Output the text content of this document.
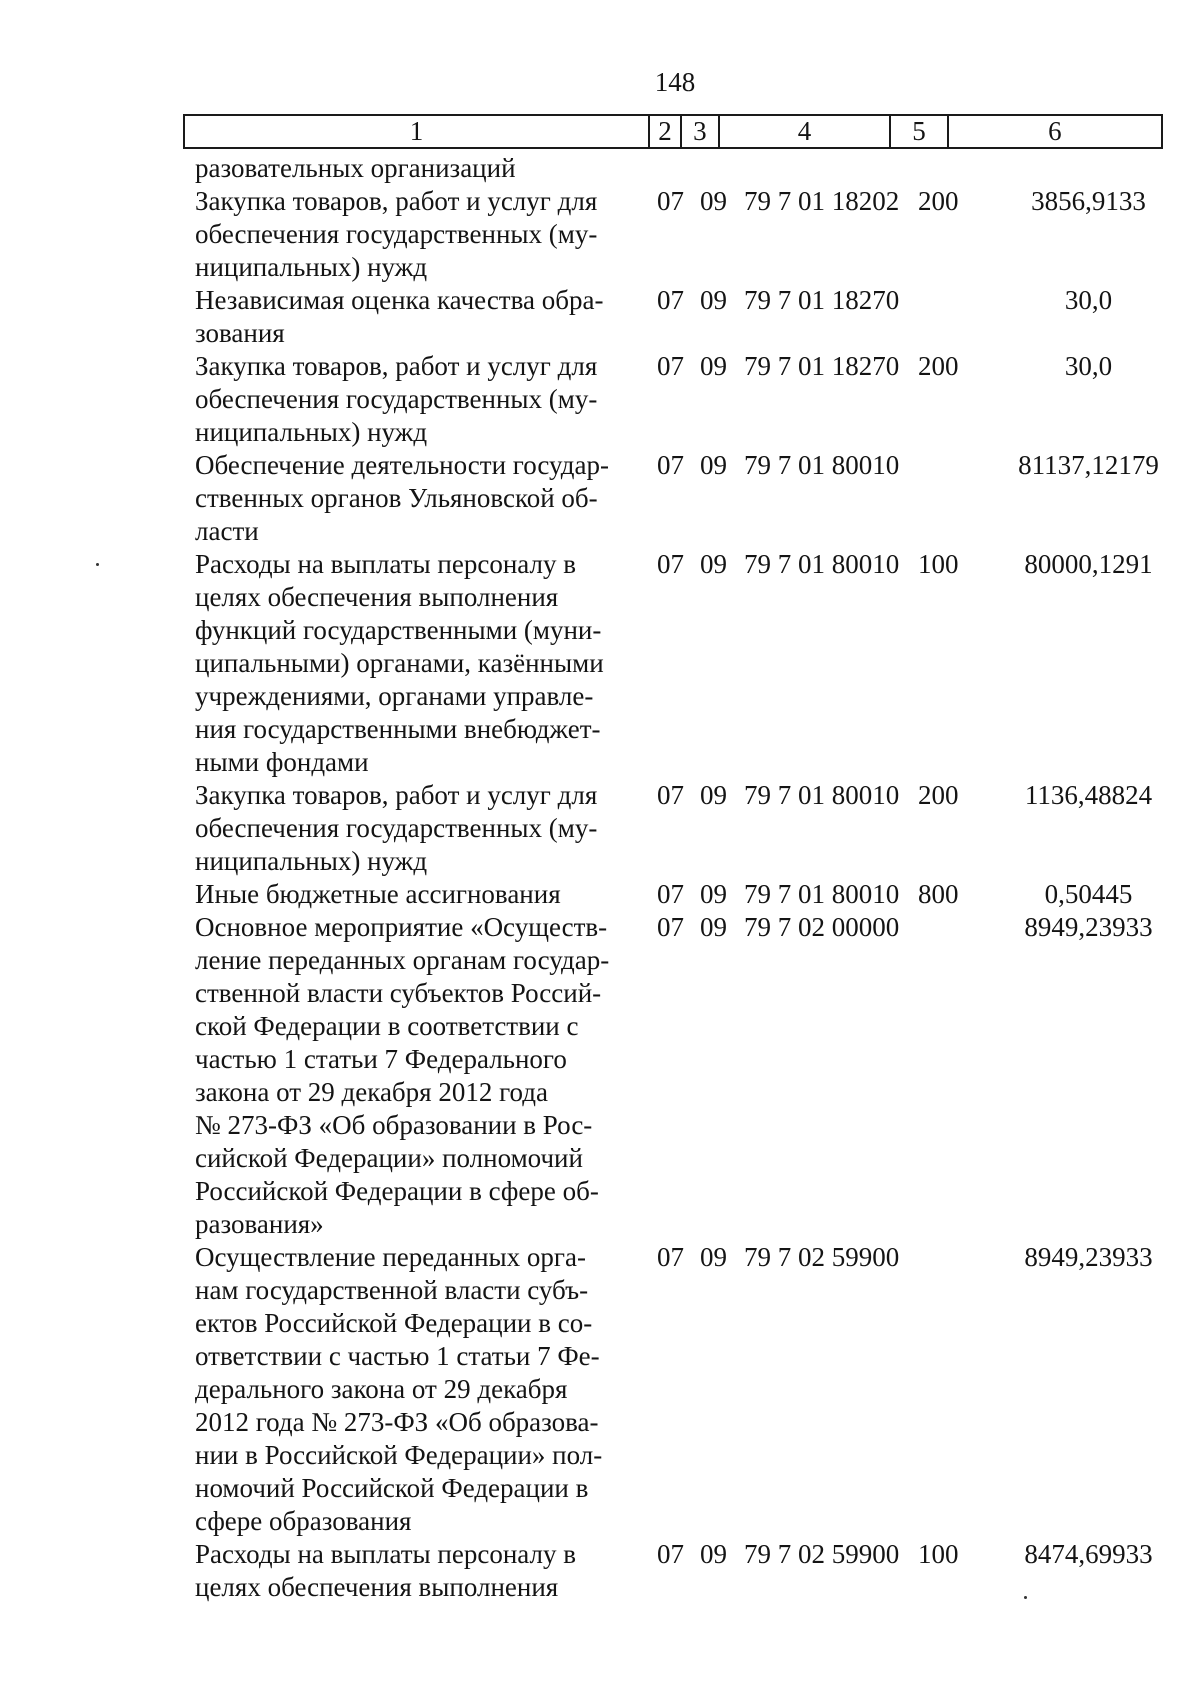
148
1	2 3	4	5	6
разовательных организаций
Закупка товаров, работ и услуг для
обеспечения государственных (му-
ниципальных) нужд
07 09 79 7 01 18202 200	3856,9133
Независимая оценка качества обра-
зования
07 09 79 7 01 18270	30,0
Закупка товаров, работ и услуг для
обеспечения государственных (му-
ниципальных) нужд
07 09 79 7 01 18270 200	30,0
Обеспечение деятельности государ-
ственных органов Ульяновской об-
ласти
07 09 79 7 01 80010	81137,12179
Расходы на выплаты персоналу в
целях обеспечения выполнения
функций государственными (муни-
ципальными) органами, казёнными
учреждениями, органами управле-
ния государственными внебюджет-
ными фондами
07 09 79 7 01 80010 100	80000,1291
Закупка товаров, работ и услуг для
обеспечения государственных (му-
ниципальных) нужд
07 09 79 7 01 80010 200	1136,48824
Иные бюджетные ассигнования	07 09 79 7 01 80010 800	0,50445
Основное мероприятие «Осуществ-
ление переданных органам государ-
ственной власти субъектов Россий-
ской Федерации в соответствии с
частью 1 статьи 7 Федерального
закона от 29 декабря 2012 года
№ 273-ФЗ «Об образовании в Рос-
сийской Федерации» полномочий
Российской Федерации в сфере об-
разования»
07 09 79 7 02 00000	8949,23933
Осуществление переданных орга-
нам государственной власти субъ-
ектов Российской Федерации в со-
ответствии с частью 1 статьи 7 Фе-
дерального закона от 29 декабря
2012 года № 273-ФЗ «Об образова-
нии в Российской Федерации» пол-
номочий Российской Федерации в
сфере образования
07 09 79 7 02 59900	8949,23933
Расходы на выплаты персоналу в
целях обеспечения выполнения
07 09 79 7 02 59900 100	8474,69933
